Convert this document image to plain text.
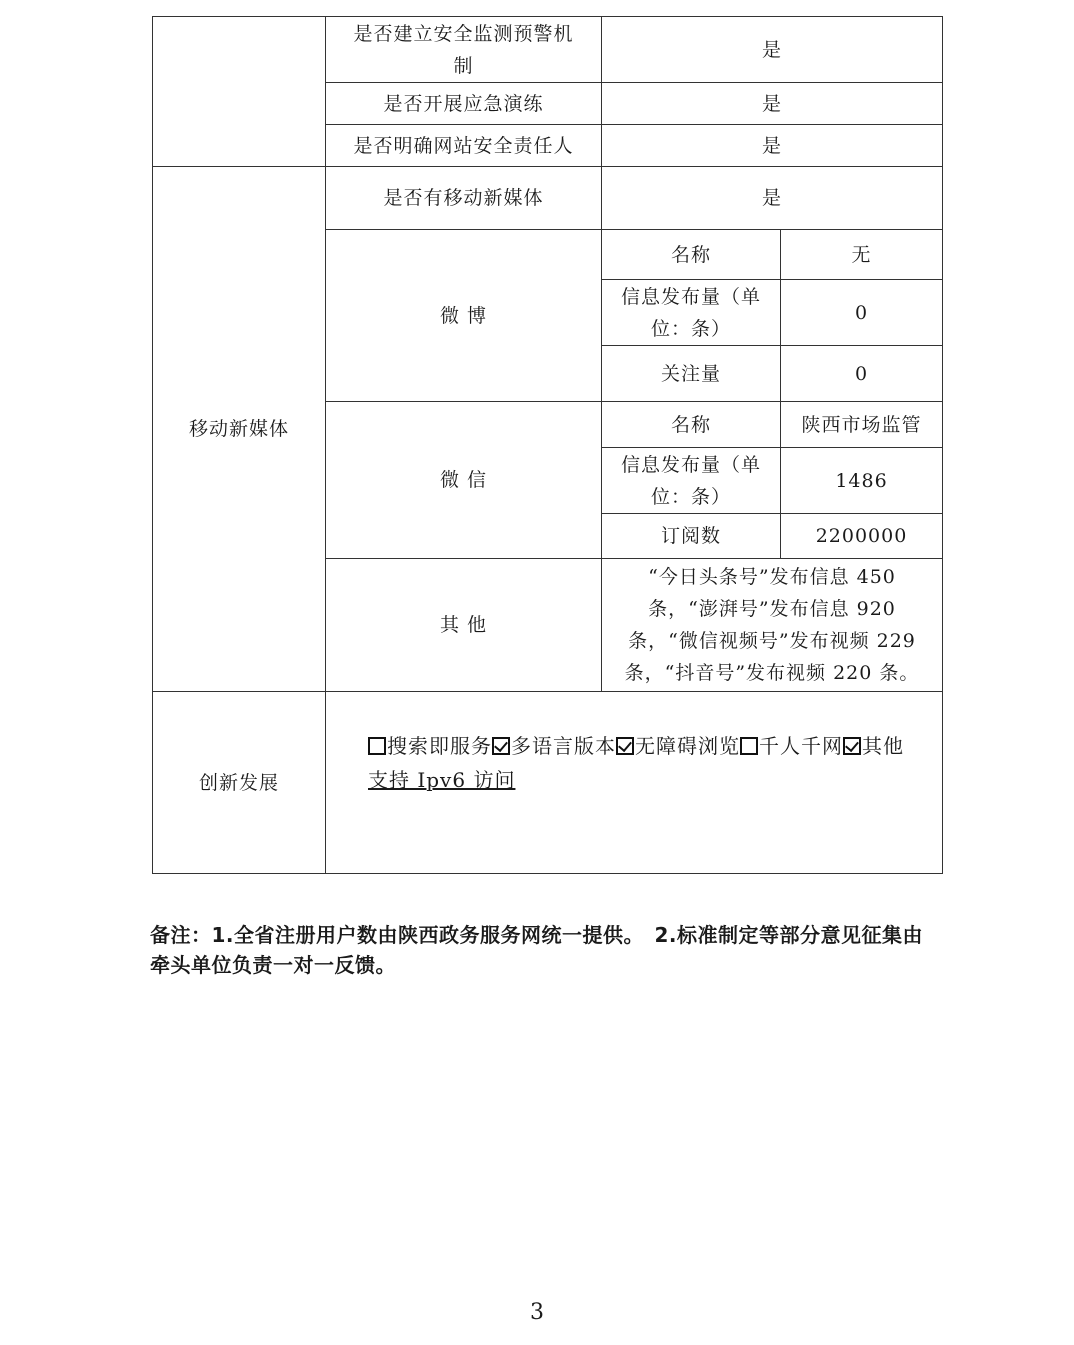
	是否建立安全监测预警机制	是	
	是否开展应急演练	是	
	是否明确网站安全责任人	是	
移动新媒体	是否有移动新媒体	是	
	微 博	名称	无
		信息发布量（单位：条）	0
		关注量	0
	微 信	名称	陕西市场监管
		信息发布量（单位：条）	1486
		订阅数	2200000
	其 他	“今日头条号”发布信息 450 条，“澎湃号”发布信息 920 条，“微信视频号”发布视频 229 条，“抖音号”发布视频 220 条。	
创新发展	搜索即服务 多语言版本 无障碍浏览 千人千网 其他
支持 Ipv6 访问		
备注：1.全省注册用户数由陕西政务服务网统一提供。　2.标准制定等部分意见征集由牵头单位负责一对一反馈。
3
